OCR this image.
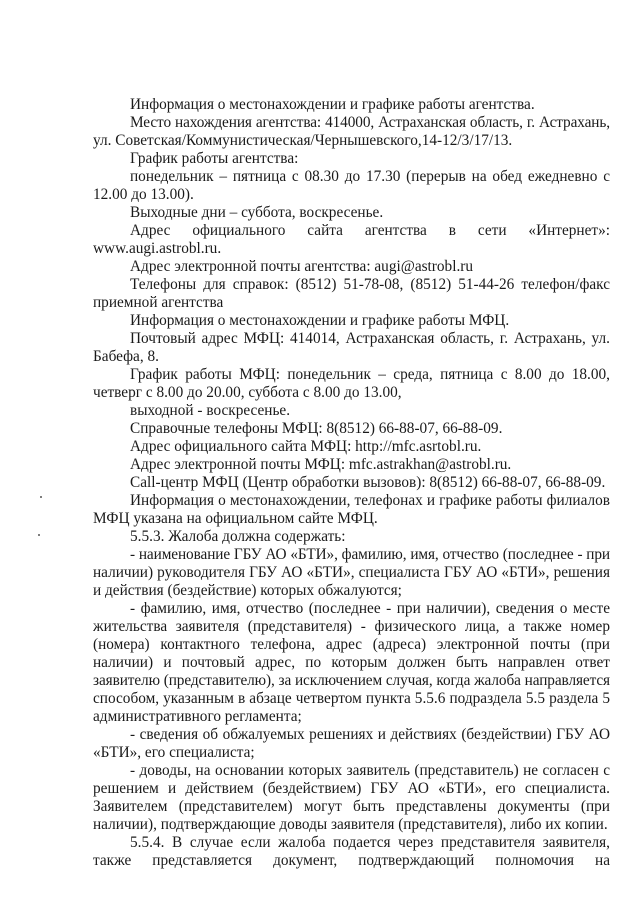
Информация о местонахождении и графике работы агентства.
Место нахождения агентства: 414000, Астраханская область, г. Астрахань,
ул. Советская/Коммунистическая/Чернышевского,14-12/3/17/13.
График работы агентства:
понедельник – пятница с 08.30 до 17.30 (перерыв на обед ежедневно с
12.00 до 13.00).
Выходные дни – суббота, воскресенье.
Адрес официального сайта агентства в сети «Интернет»:
www.augi.astrobl.ru.
Адрес электронной почты агентства: augi@astrobl.ru
Телефоны для справок: (8512) 51-78-08, (8512) 51-44-26 телефон/факс
приемной агентства
Информация о местонахождении и графике работы МФЦ.
Почтовый адрес МФЦ: 414014, Астраханская область, г. Астрахань, ул.
Бабефа, 8.
График работы МФЦ: понедельник – среда, пятница с 8.00 до 18.00,
четверг с 8.00 до 20.00, суббота с 8.00 до 13.00,
выходной - воскресенье.
Справочные телефоны МФЦ: 8(8512) 66-88-07, 66-88-09.
Адрес официального сайта МФЦ: http://mfc.asrtobl.ru.
Адрес электронной почты МФЦ: mfc.astrakhan@astrobl.ru.
Call-центр МФЦ (Центр обработки вызовов): 8(8512) 66-88-07, 66-88-09.
Информация о местонахождении, телефонах и графике работы филиалов
МФЦ указана на официальном сайте МФЦ.
5.5.3. Жалоба должна содержать:
- наименование ГБУ АО «БТИ», фамилию, имя, отчество (последнее - при
наличии) руководителя ГБУ АО «БТИ», специалиста ГБУ АО «БТИ», решения
и действия (бездействие) которых обжалуются;
- фамилию, имя, отчество (последнее - при наличии), сведения о месте
жительства заявителя (представителя) - физического лица, а также номер
(номера) контактного телефона, адрес (адреса) электронной почты (при
наличии) и почтовый адрес, по которым должен быть направлен ответ
заявителю (представителю), за исключением случая, когда жалоба направляется
способом, указанным в абзаце четвертом пункта 5.5.6 подраздела 5.5 раздела 5
административного регламента;
- сведения об обжалуемых решениях и действиях (бездействии) ГБУ АО
«БТИ», его специалиста;
- доводы, на основании которых заявитель (представитель) не согласен с
решением и действием (бездействием) ГБУ АО «БТИ», его специалиста.
Заявителем (представителем) могут быть представлены документы (при
наличии), подтверждающие доводы заявителя (представителя), либо их копии.
5.5.4. В случае если жалоба подается через представителя заявителя,
также представляется документ, подтверждающий полномочия на
